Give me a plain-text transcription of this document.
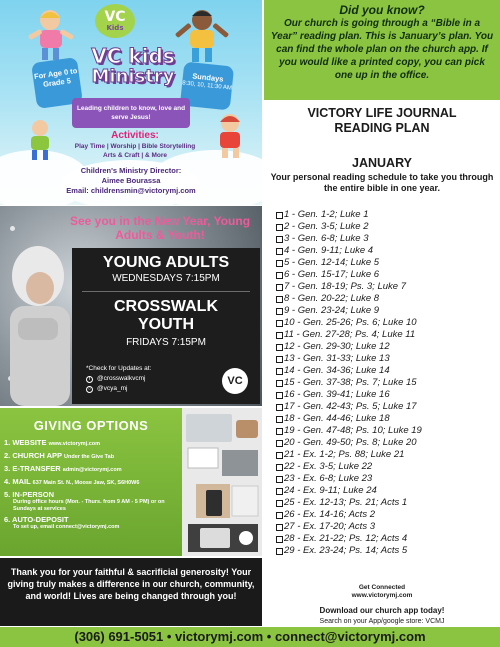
VC
Kids
VC kids
Ministry
For Age 0 to Grade 5	Sundays
8:30, 10, 11:30 AM
Leading children to know, love and serve Jesus!
Activities:
Play Time | Worship | Bible Storytelling
Arts & Craft | & More
Children's Ministry Director:
Aimee Bourassa
Email: childrensmin@victorymj.com
See you in the New Year, Young Adults & Youth!
YOUNG ADULTS
WEDNESDAYS 7:15PM
CROSSWALK
YOUTH
FRIDAYS 7:15PM
*Check for Updates at:
f	@crosswalkvcmj
○ @vcya_mj
VC
GIVING OPTIONS
1. WEBSITE www.victorymj.com
2. CHURCH APP Under the Give Tab
3. E-TRANSFER admin@victorymj.com
4. MAIL 637 Main St. N., Moose Jaw, SK, S6H0W6
5. IN-PERSON
During office hours (Mon. - Thurs. from 9 AM - 5 PM) or on Sundays at services
6. AUTO-DEPOSIT
To set up, email connect@victorymj.com
Thank you for your faithful & sacrificial generosity! Your giving truly makes a difference in our church, community, and world! Lives are being changed through you!
Did you know?
Our church is going through a “Bible in a Year” reading plan. This is January’s plan. You can find the whole plan on the church app. If you would like a printed copy, you can pick one up in the office.
VICTORY LIFE JOURNAL
READING PLAN
JANUARY
Your personal reading schedule to take you through the entire bible in one year.
1 - Gen. 1-2; Luke 1
2 - Gen. 3-5; Luke 2
3 - Gen. 6-8; Luke 3
4 - Gen. 9-11; Luke 4
5 - Gen. 12-14; Luke 5
6 - Gen. 15-17; Luke 6
7 - Gen. 18-19; Ps. 3; Luke 7
8 - Gen. 20-22; Luke 8
9 - Gen. 23-24; Luke 9
10 - Gen. 25-26; Ps. 6; Luke 10
11 - Gen. 27-28; Ps. 4; Luke 11
12 - Gen. 29-30; Luke 12
13 - Gen. 31-33; Luke 13
14 - Gen. 34-36; Luke 14
15 - Gen. 37-38; Ps. 7; Luke 15
16 - Gen. 39-41; Luke 16
17 - Gen. 42-43; Ps. 5; Luke 17
18 - Gen. 44-46; Luke 18
19 - Gen. 47-48; Ps. 10; Luke 19
20 - Gen. 49-50; Ps. 8; Luke 20
21 - Ex. 1-2; Ps. 88; Luke 21
22 - Ex. 3-5; Luke 22
23 - Ex. 6-8; Luke 23
24 - Ex. 9-11; Luke 24
25 - Ex. 12-13; Ps. 21; Acts 1
26 - Ex. 14-16; Acts 2
27 - Ex. 17-20; Acts 3
28 - Ex. 21-22; Ps. 12; Acts 4
29 - Ex. 23-24; Ps. 14; Acts 5
Get Connected
www.victorymj.com
Download our church app today!
Search on your App/google store: VCMJ
(306) 691-5051 • victorymj.com • connect@victorymj.com
